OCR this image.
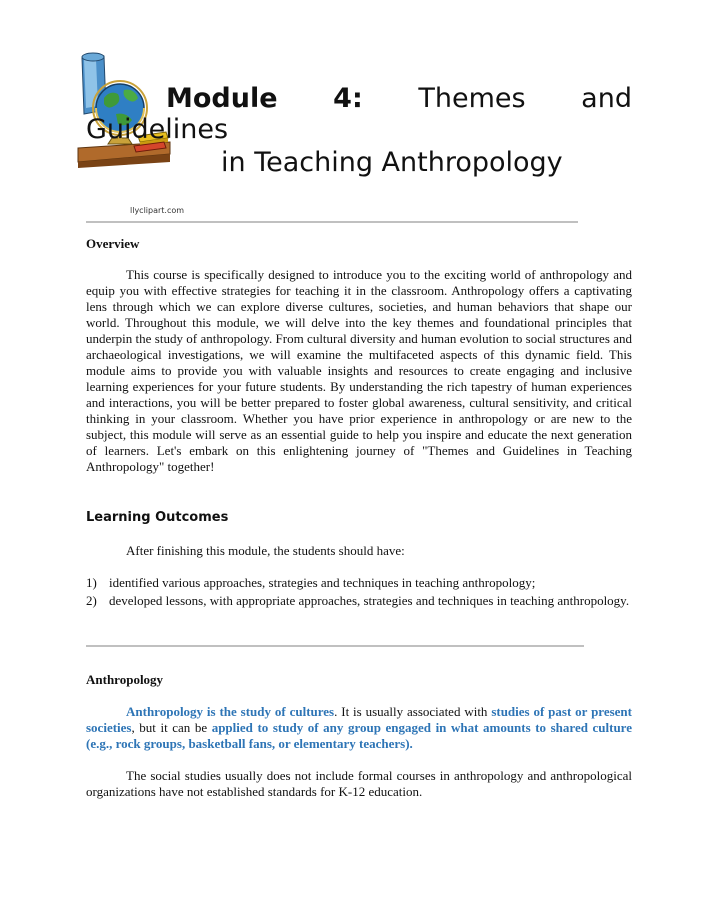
Module 4: Themes and
Guidelines
in Teaching Anthropology
llyclipart.com
Overview

This course is specifically designed to introduce you to the exciting world of anthropology and equip you with effective strategies for teaching it in the classroom. Anthropology offers a captivating lens through which we can explore diverse cultures, societies, and human behaviors that shape our world. Throughout this module, we will delve into the key themes and foundational principles that underpin the study of anthropology. From cultural diversity and human evolution to social structures and archaeological investigations, we will examine the multifaceted aspects of this dynamic field. This module aims to provide you with valuable insights and resources to create engaging and inclusive learning experiences for your future students. By understanding the rich tapestry of human experiences and interactions, you will be better prepared to foster global awareness, cultural sensitivity, and critical thinking in your classroom. Whether you have prior experience in anthropology or are new to the subject, this module will serve as an essential guide to help you inspire and educate the next generation of learners. Let's embark on this enlightening journey of "Themes and Guidelines in Teaching Anthropology" together!

Learning Outcomes

After finishing this module, the students should have:

1) identified various approaches, strategies and techniques in teaching anthropology;
2) developed lessons, with appropriate approaches, strategies and techniques in teaching anthropology.
Anthropology

Anthropology is the study of cultures. It is usually associated with studies of past or present societies, but it can be applied to study of any group engaged in what amounts to shared culture (e.g., rock groups, basketball fans, or elementary teachers).

The social studies usually does not include formal courses in anthropology and anthropological organizations have not established standards for K-12 education.
